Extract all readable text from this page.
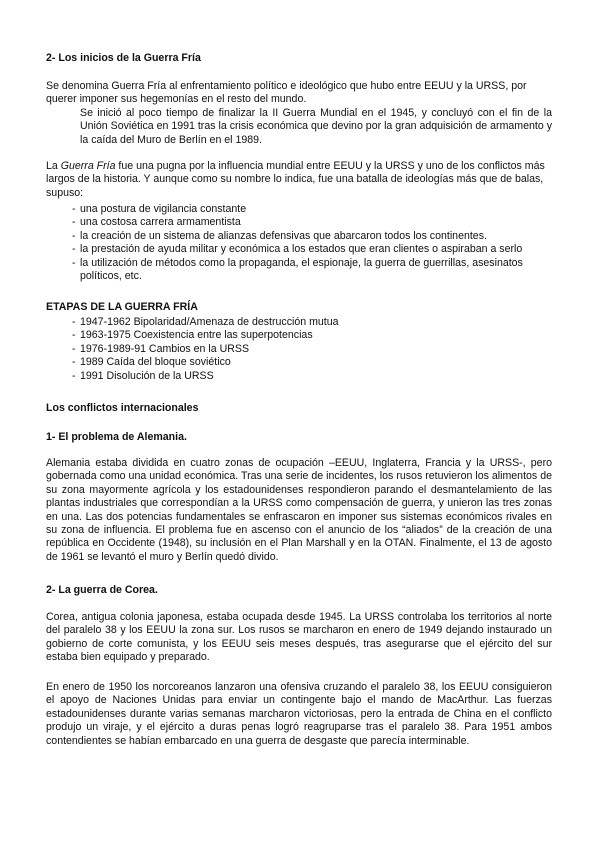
2- Los inicios de la Guerra Fría
Se denomina Guerra Fría al enfrentamiento político e ideológico que hubo entre EEUU y la URSS, por querer imponer sus hegemonías en el resto del mundo.
Se inició al poco tiempo de finalizar la II Guerra Mundial en el 1945, y concluyó con el fin de la Unión Soviética en 1991 tras la crisis económica que devino por la gran adquisición de armamento y la caída del Muro de Berlín en el 1989.
La Guerra Fría fue una pugna por la influencia mundial entre EEUU y la URSS y uno de los conflictos más largos de la historia. Y aunque como su nombre lo indica, fue una batalla de ideologías más que de balas, supuso:
- una postura de vigilancia constante
- una costosa carrera armamentista
- la creación de un sistema de alianzas defensivas que abarcaron todos los continentes.
- la prestación de ayuda militar y económica a los estados que eran clientes o aspiraban a serlo
- la utilización de métodos como la propaganda, el espionaje, la guerra de guerrillas, asesinatos políticos, etc.
ETAPAS DE LA GUERRA FRÍA
- 1947-1962 Bipolaridad/Amenaza de destrucción mutua
- 1963-1975 Coexistencia entre las superpotencias
- 1976-1989-91 Cambios en la URSS
- 1989 Caída del bloque soviético
- 1991 Disolución de la URSS
Los conflictos internacionales
1- El problema de Alemania.
Alemania estaba dividida en cuatro zonas de ocupación –EEUU, Inglaterra, Francia y la URSS-, pero gobernada como una unidad económica. Tras una serie de incidentes, los rusos retuvieron los alimentos de su zona mayormente agrícola y los estadounidenses respondieron parando el desmantelamiento de las plantas industriales que correspondían a la URSS como compensación de guerra, y unieron las tres zonas en una. Las dos potencias fundamentales se enfrascaron en imponer sus sistemas económicos rivales en su zona de influencia. El problema fue en ascenso con el anuncio de los “aliados” de la creación de una república en Occidente (1948), su inclusión en el Plan Marshall y en la OTAN. Finalmente, el 13 de agosto de 1961 se levantó el muro y Berlín quedó divido.
2- La guerra de Corea.
Corea, antigua colonia japonesa, estaba ocupada desde 1945. La URSS controlaba los territorios al norte del paralelo 38 y los EEUU la zona sur. Los rusos se marcharon en enero de 1949 dejando instaurado un gobierno de corte comunista, y los EEUU seis meses después, tras asegurarse que el ejército del sur estaba bien equipado y preparado.
En enero de 1950 los norcoreanos lanzaron una ofensiva cruzando el paralelo 38, los EEUU consiguieron el apoyo de Naciones Unidas para enviar un contingente bajo el mando de MacArthur. Las fuerzas estadounidenses durante varias semanas marcharon victoriosas, pero la entrada de China en el conflicto produjo un viraje, y el ejército a duras penas logró reagruparse tras el paralelo 38. Para 1951 ambos contendientes se habían embarcado en una guerra de desgaste que parecía interminable.
